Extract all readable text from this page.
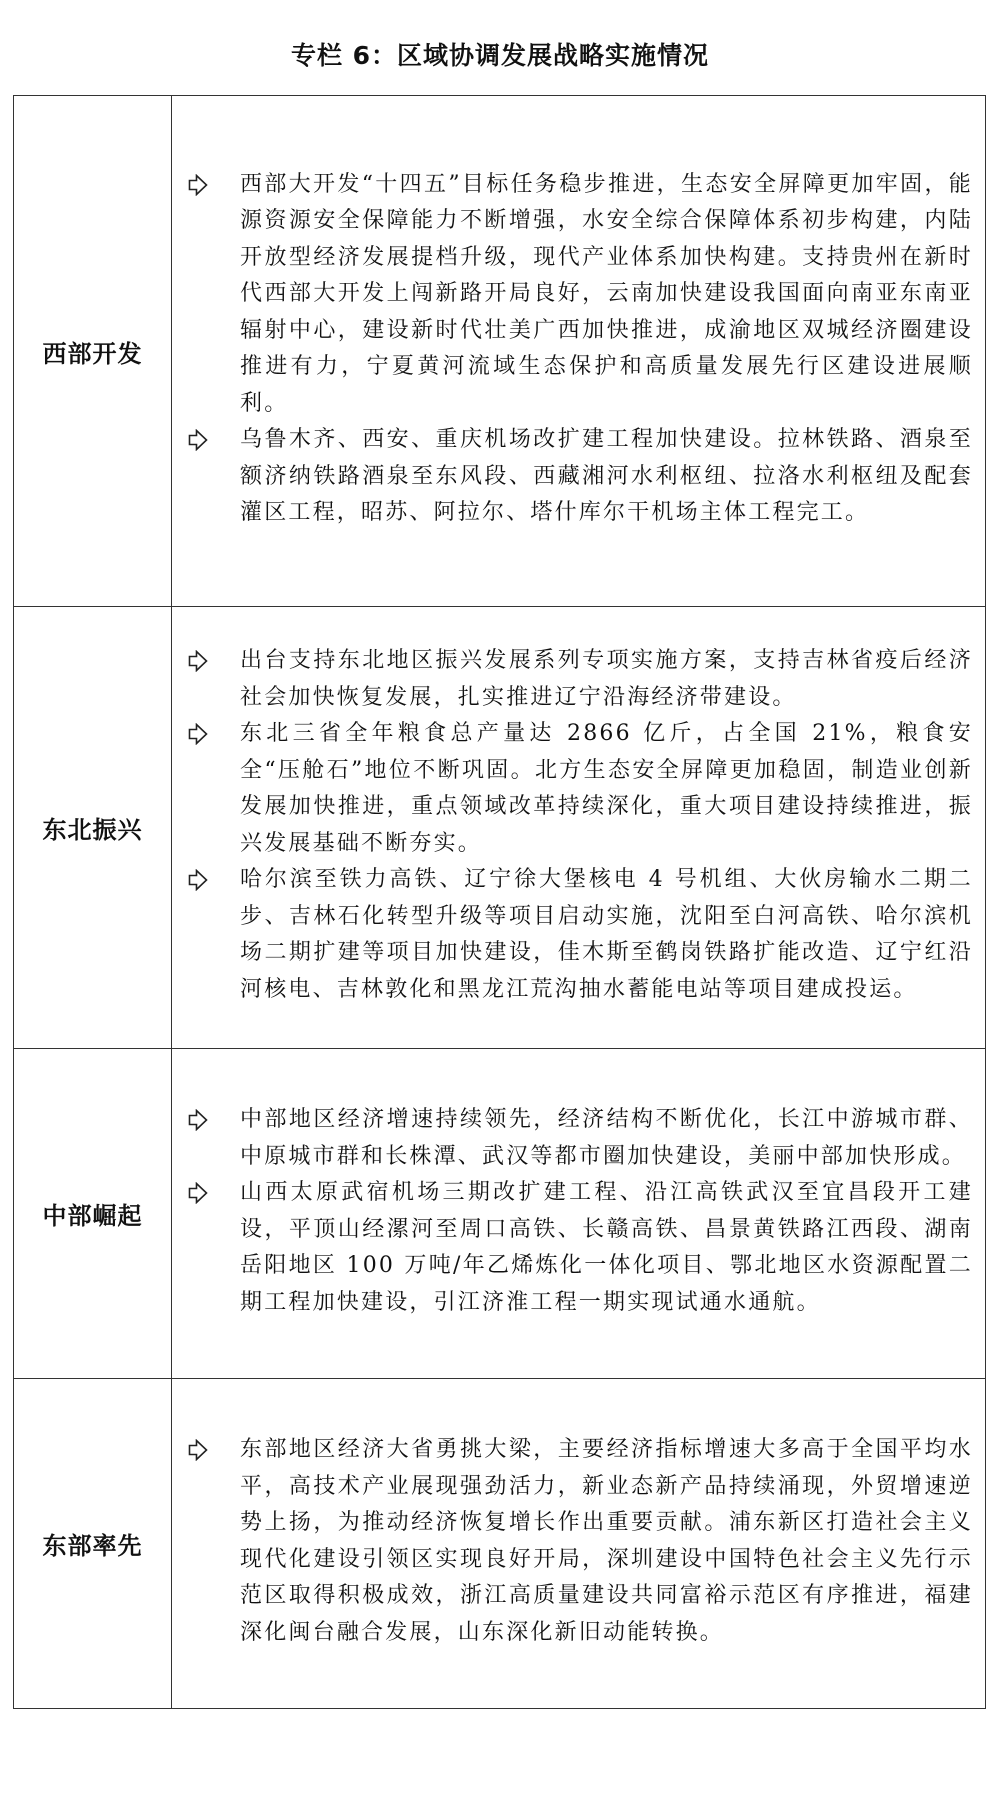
专栏 6：区域协调发展战略实施情况
西部开发	西部大开发“十四五”目标任务稳步推进，生态安全屏障更加牢固，能源资源安全保障能力不断增强，水安全综合保障体系初步构建，内陆开放型经济发展提档升级，现代产业体系加快构建。支持贵州在新时代西部大开发上闯新路开局良好，云南加快建设我国面向南亚东南亚辐射中心，建设新时代壮美广西加快推进，成渝地区双城经济圈建设推进有力，宁夏黄河流域生态保护和高质量发展先行区建设进展顺利。
乌鲁木齐、西安、重庆机场改扩建工程加快建设。拉林铁路、酒泉至额济纳铁路酒泉至东风段、西藏湘河水利枢纽、拉洛水利枢纽及配套灌区工程，昭苏、阿拉尔、塔什库尔干机场主体工程完工。

东北振兴	出台支持东北地区振兴发展系列专项实施方案，支持吉林省疫后经济社会加快恢复发展，扎实推进辽宁沿海经济带建设。
东北三省全年粮食总产量达 2866 亿斤，占全国 21%，粮食安全“压舱石”地位不断巩固。北方生态安全屏障更加稳固，制造业创新发展加快推进，重点领域改革持续深化，重大项目建设持续推进，振兴发展基础不断夯实。
哈尔滨至铁力高铁、辽宁徐大堡核电 4 号机组、大伙房输水二期二步、吉林石化转型升级等项目启动实施，沈阳至白河高铁、哈尔滨机场二期扩建等项目加快建设，佳木斯至鹤岗铁路扩能改造、辽宁红沿河核电、吉林敦化和黑龙江荒沟抽水蓄能电站等项目建成投运。

中部崛起	中部地区经济增速持续领先，经济结构不断优化，长江中游城市群、中原城市群和长株潭、武汉等都市圈加快建设，美丽中部加快形成。
山西太原武宿机场三期改扩建工程、沿江高铁武汉至宜昌段开工建设，平顶山经漯河至周口高铁、长赣高铁、昌景黄铁路江西段、湖南岳阳地区 100 万吨/年乙烯炼化一体化项目、鄂北地区水资源配置二期工程加快建设，引江济淮工程一期实现试通水通航。

东部率先	东部地区经济大省勇挑大梁，主要经济指标增速大多高于全国平均水平，高技术产业展现强劲活力，新业态新产品持续涌现，外贸增速逆势上扬，为推动经济恢复增长作出重要贡献。浦东新区打造社会主义现代化建设引领区实现良好开局，深圳建设中国特色社会主义先行示范区取得积极成效，浙江高质量建设共同富裕示范区有序推进，福建深化闽台融合发展，山东深化新旧动能转换。
